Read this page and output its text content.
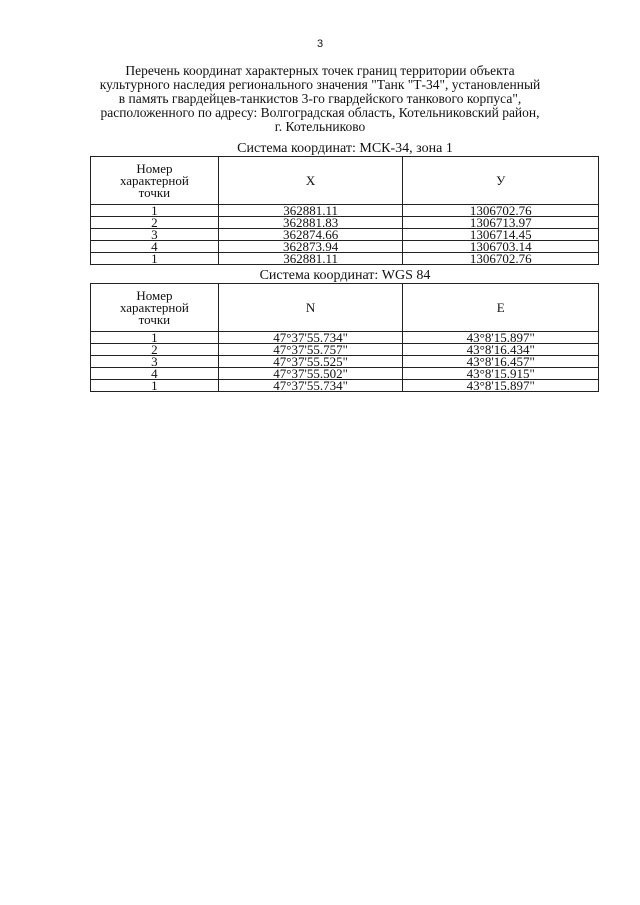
3
Перечень координат характерных точек границ территории объекта
культурного наследия регионального значения "Танк "Т-34", установленный
в память гвардейцев-танкистов 3-го гвардейского танкового корпуса",
расположенного по адресу: Волгоградская область, Котельниковский район,
г. Котельниково
Система координат: МСК-34, зона 1
Номер
характерной
точки	X	У
1	362881.11	1306702.76
2	362881.83	1306713.97
3	362874.66	1306714.45
4	362873.94	1306703.14
1	362881.11	1306702.76
Система координат: WGS 84
Номер
характерной
точки	N	E
1	47°37'55.734"	43°8'15.897"
2	47°37'55.757"	43°8'16.434"
3	47°37'55.525"	43°8'16.457"
4	47°37'55.502"	43°8'15.915"
1	47°37'55.734"	43°8'15.897"
